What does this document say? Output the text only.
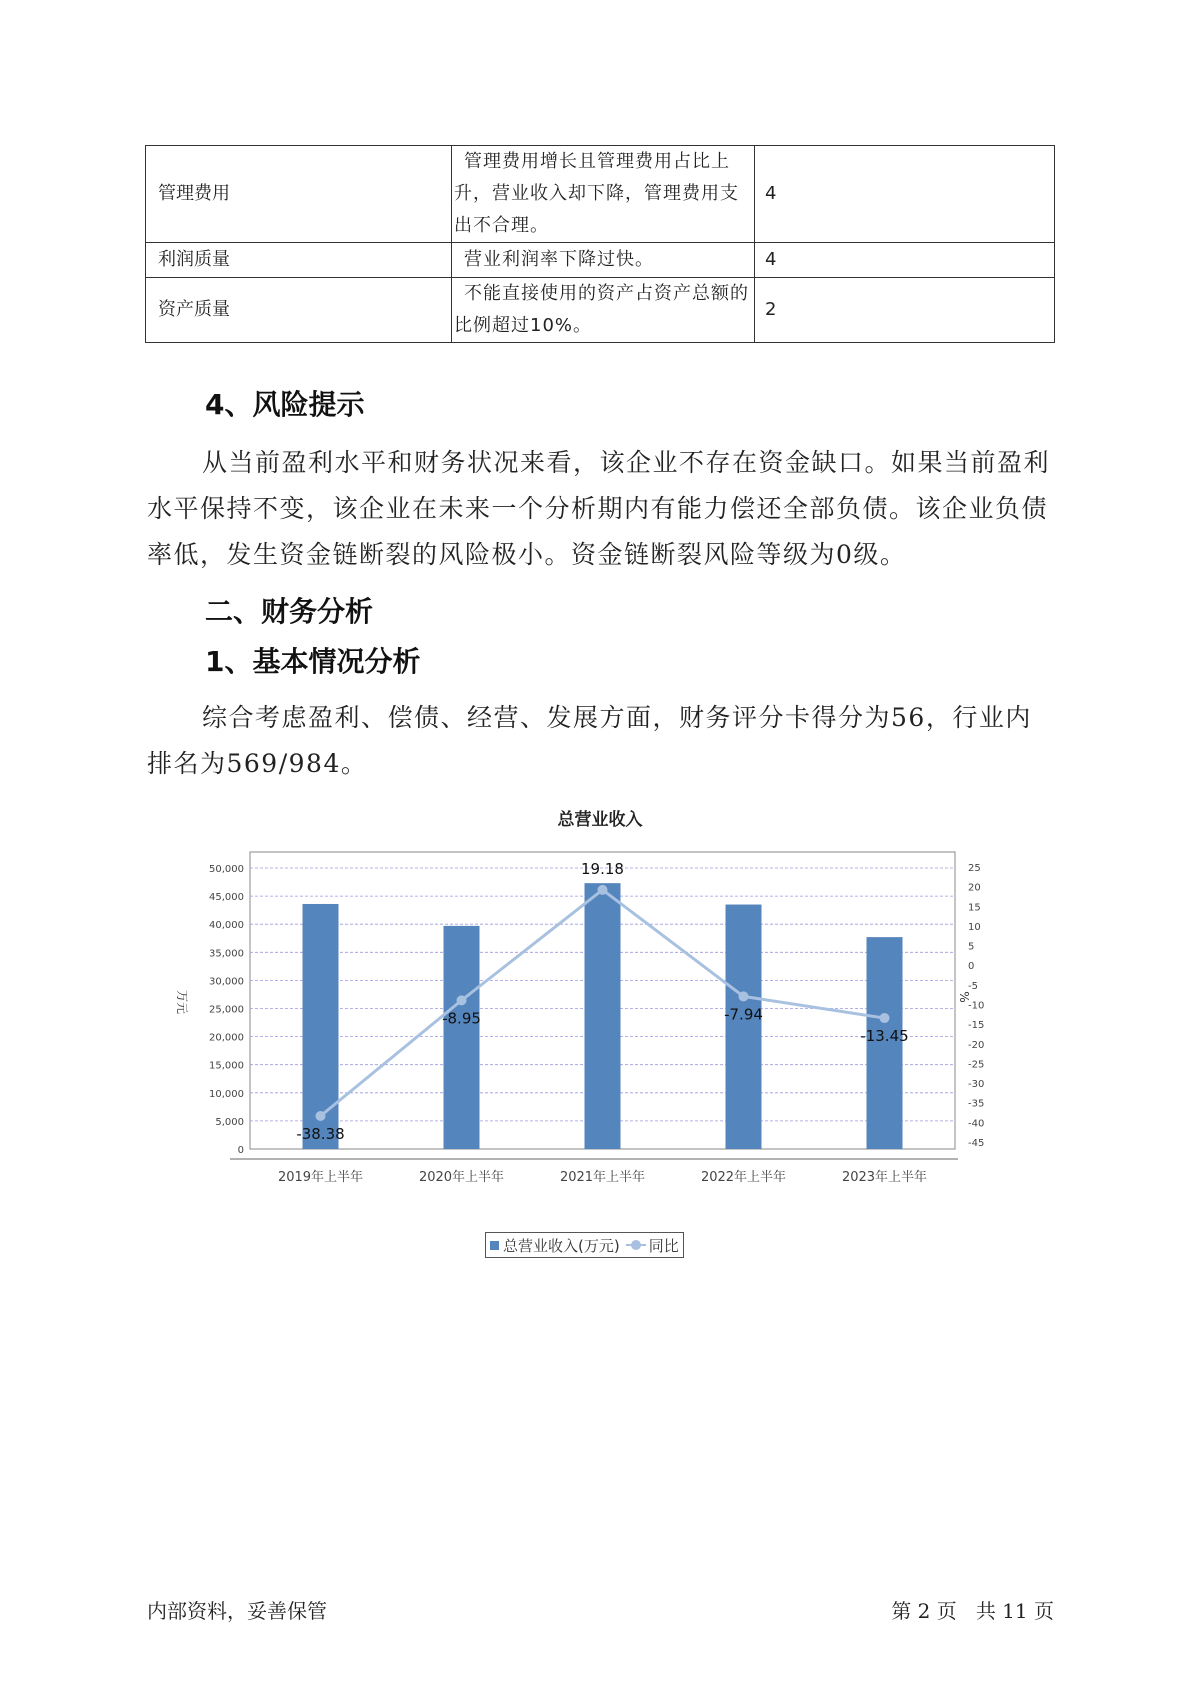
管理费用	管理费用增长且管理费用占比上升，营业收入却下降，管理费用支出不合理。	4
利润质量	营业利润率下降过快。	4
资产质量	不能直接使用的资产占资产总额的比例超过10%。	2
4、风险提示
从当前盈利水平和财务状况来看，该企业不存在资金缺口。如果当前盈利水平保持不变，该企业在未来一个分析期内有能力偿还全部负债。该企业负债率低，发生资金链断裂的风险极小。资金链断裂风险等级为0级。
二、财务分析
1、基本情况分析
综合考虑盈利、偿债、经营、发展方面，财务评分卡得分为56，行业内排名为569/984。
总营业收入
0
5,000
10,000
15,000
20,000
25,000
30,000
35,000
40,000
45,000
50,000
-45
-40
-35
-30
-25
-20
-15
-10
-5
0
5
10
15
20
25
万元	%
2019年上半年	2020年上半年	2021年上半年	2022年上半年	2023年上半年
-38.38
-8.95
19.18
-7.94
-13.45
总营业收入(万元) 同比
内部资料，妥善保管	第 2 页   共 11 页
